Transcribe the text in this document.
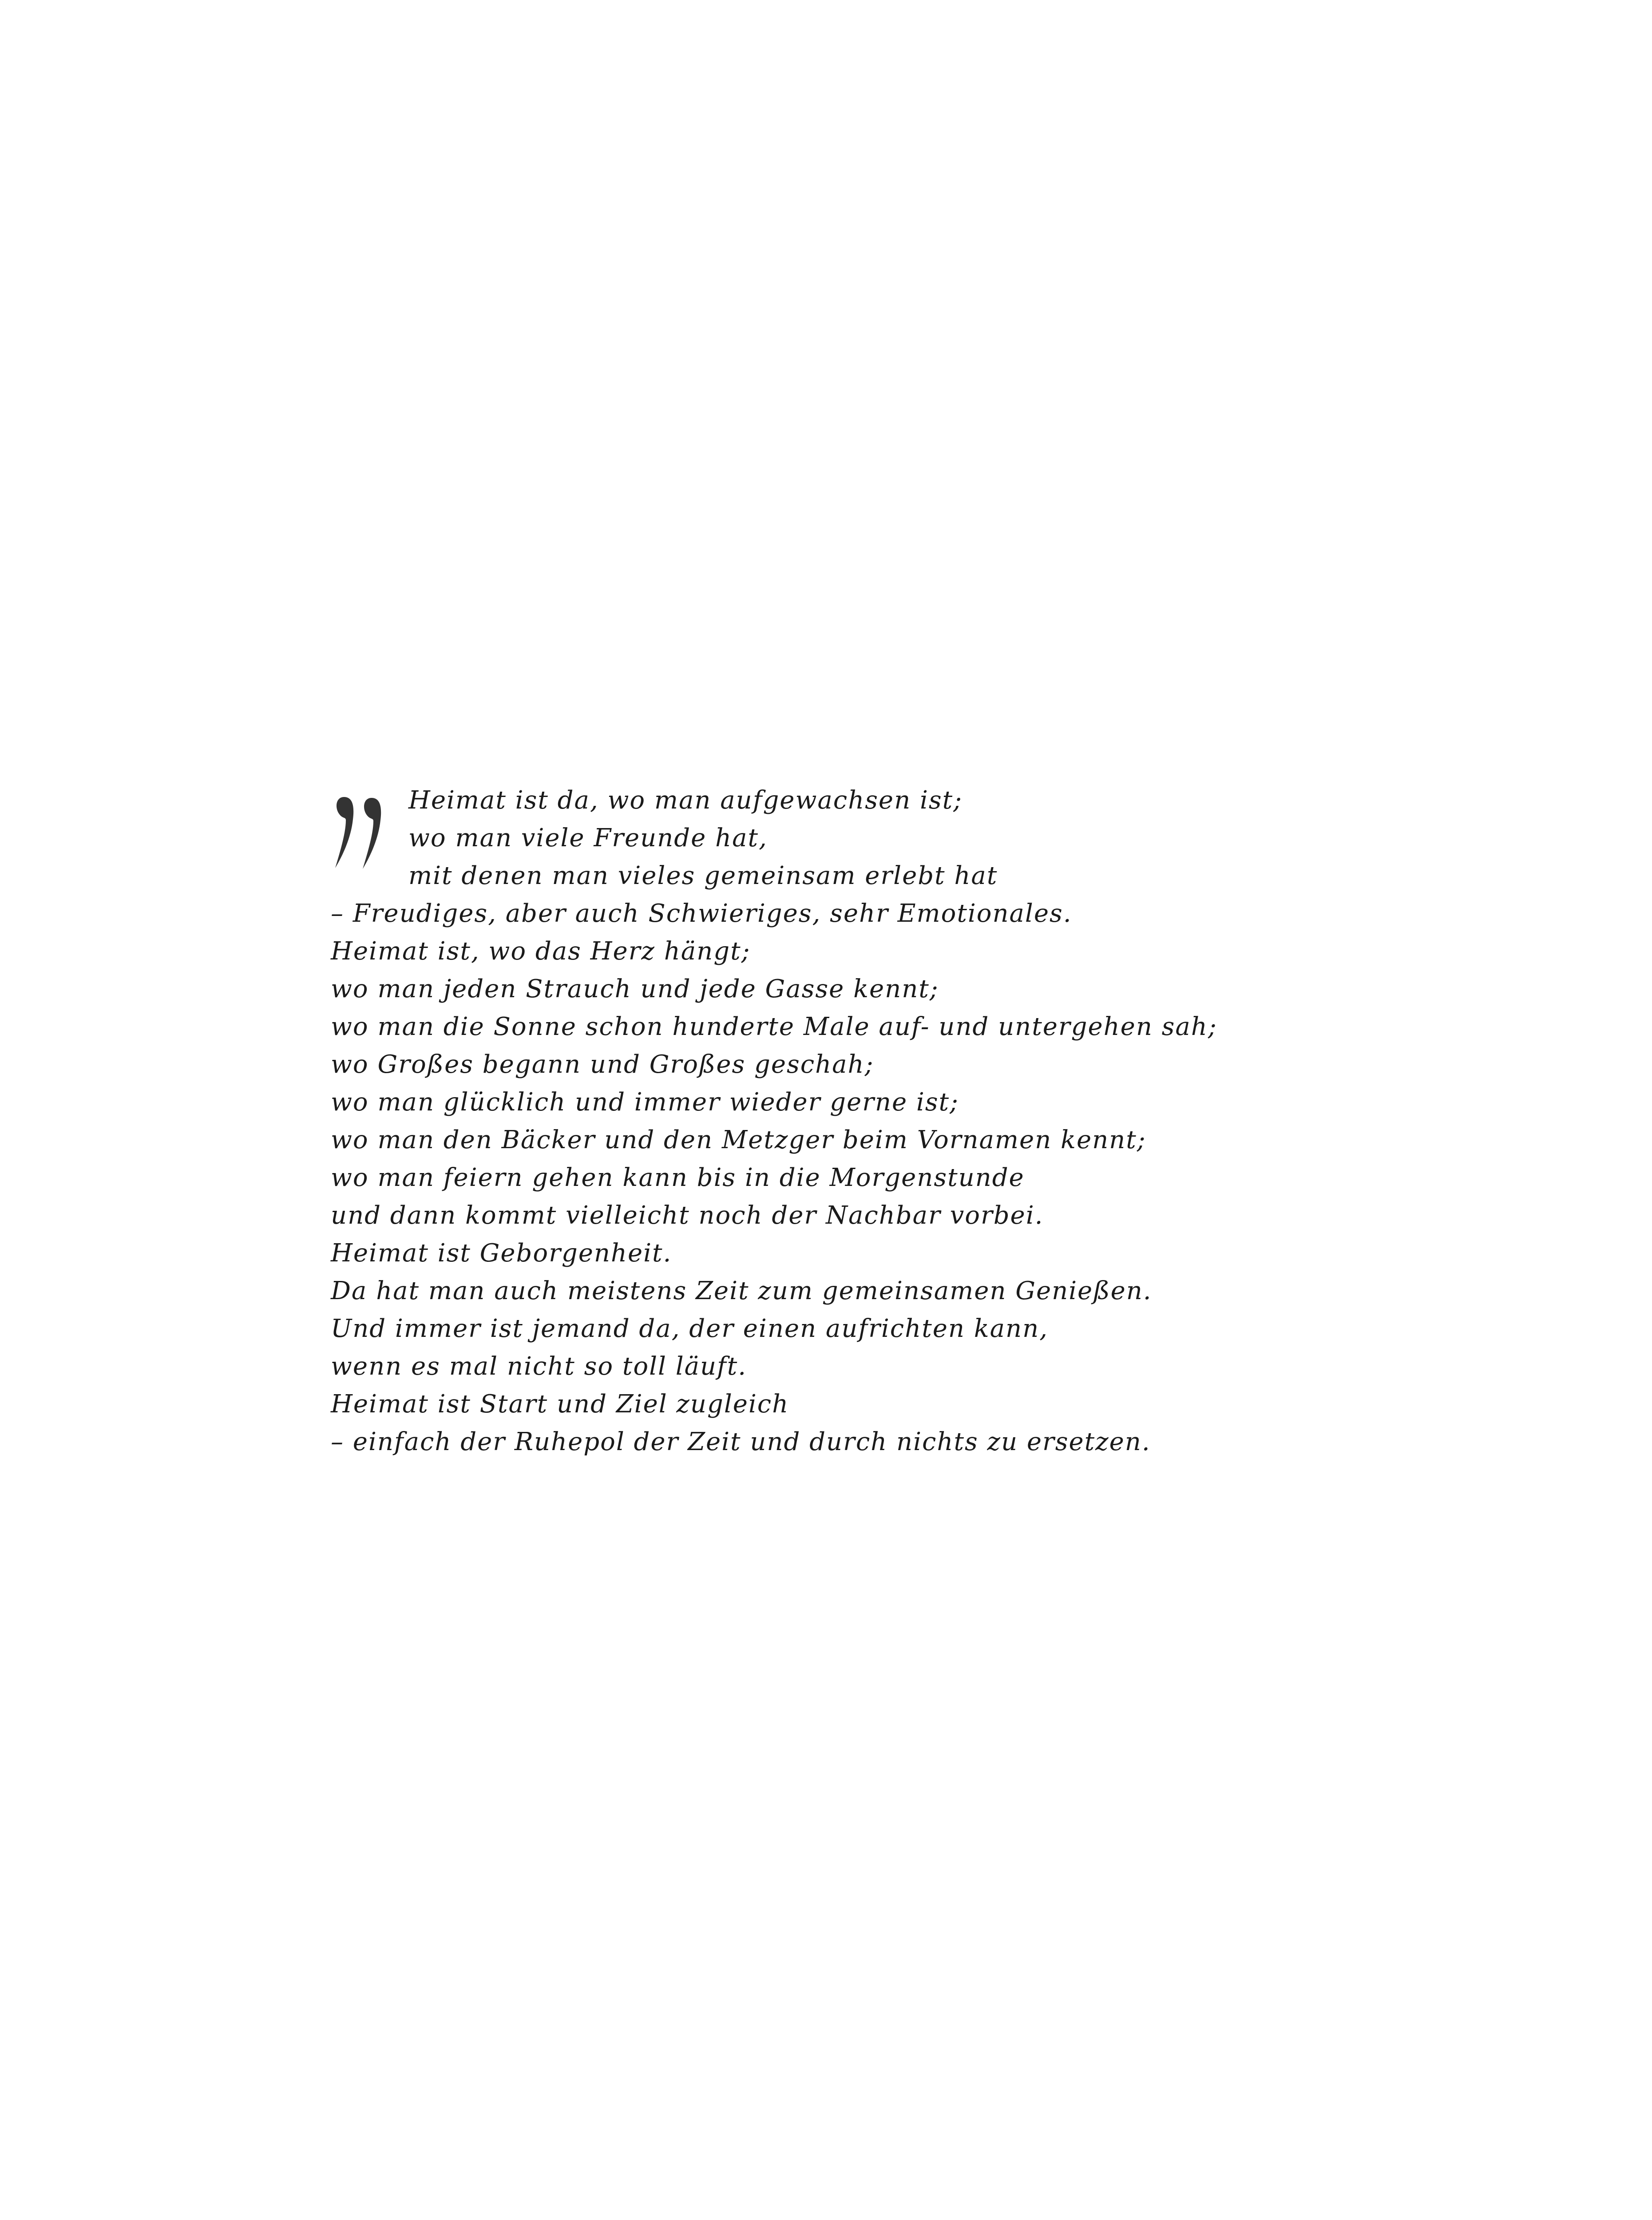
Heimat ist da, wo man aufgewachsen ist;
wo man viele Freunde hat,
mit denen man vieles gemeinsam erlebt hat
– Freudiges, aber auch Schwieriges, sehr Emotionales.
Heimat ist, wo das Herz hängt;
wo man jeden Strauch und jede Gasse kennt;
wo man die Sonne schon hunderte Male auf- und untergehen sah;
wo Großes begann und Großes geschah;
wo man glücklich und immer wieder gerne ist;
wo man den Bäcker und den Metzger beim Vornamen kennt;
wo man feiern gehen kann bis in die Morgenstunde
und dann kommt vielleicht noch der Nachbar vorbei.
Heimat ist Geborgenheit.
Da hat man auch meistens Zeit zum gemeinsamen Genießen.
Und immer ist jemand da, der einen aufrichten kann,
wenn es mal nicht so toll läuft.
Heimat ist Start und Ziel zugleich
– einfach der Ruhepol der Zeit und durch nichts zu ersetzen.
